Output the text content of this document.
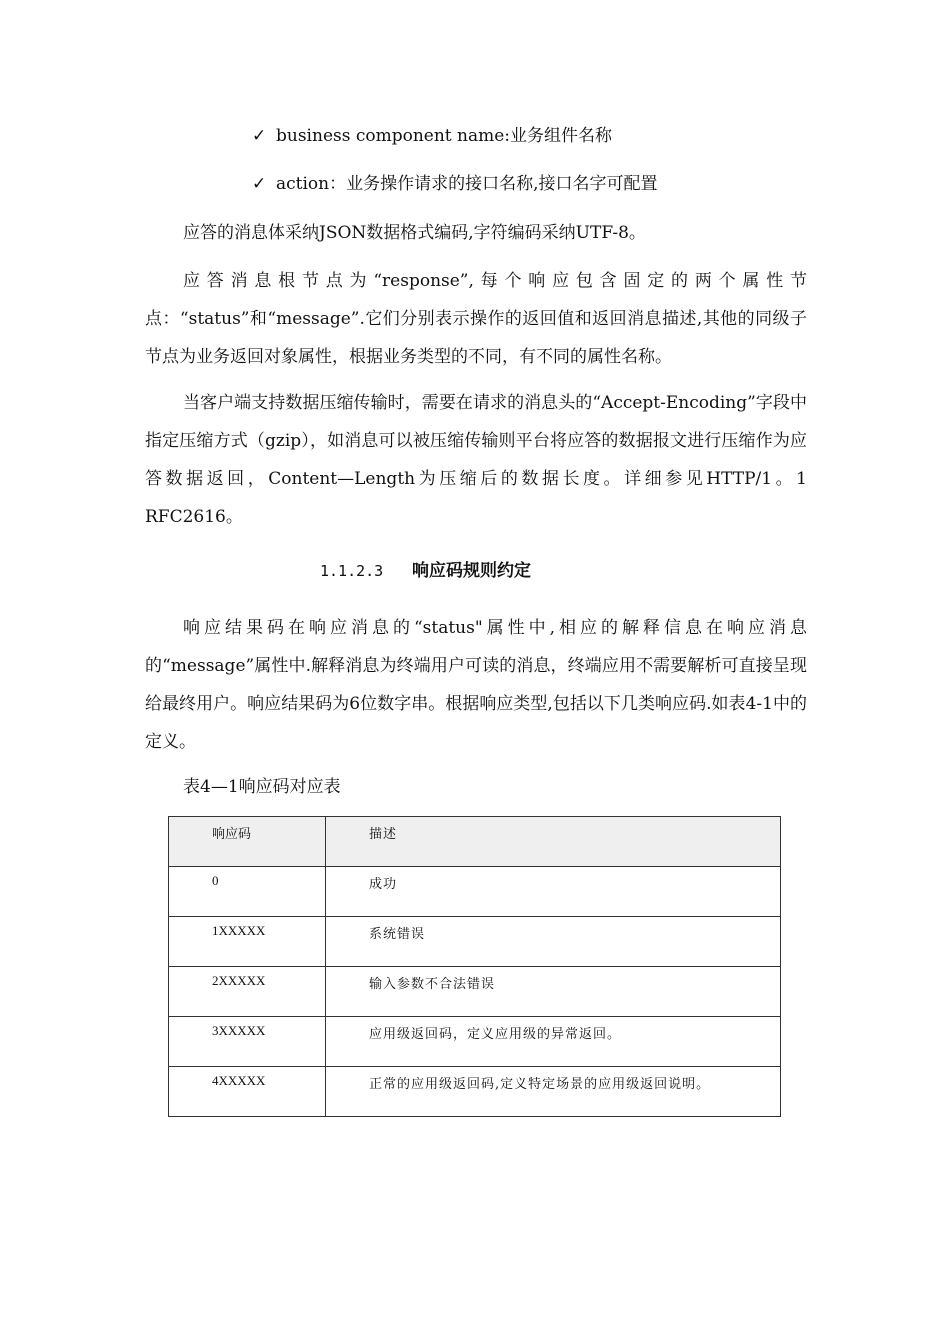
✓ business component name:业务组件名称
✓ action：业务操作请求的接口名称,接口名字可配置

应答的消息体采纳JSON数据格式编码,字符编码采纳UTF-8。

应答消息根节点为“response”,每个响应包含固定的两个属性节点：“status”和“message”.它们分别表示操作的返回值和返回消息描述,其他的同级子节点为业务返回对象属性，根据业务类型的不同，有不同的属性名称。

当客户端支持数据压缩传输时，需要在请求的消息头的“Accept-Encoding”字段中指定压缩方式（gzip），如消息可以被压缩传输则平台将应答的数据报文进行压缩作为应答数据返回，Content—Length为压缩后的数据长度。详细参见HTTP/1。1 RFC2616。

1.1.2.3 响应码规则约定

响应结果码在响应消息的“status"属性中,相应的解释信息在响应消息的“message”属性中.解释消息为终端用户可读的消息，终端应用不需要解析可直接呈现给最终用户。响应结果码为6位数字串。根据响应类型,包括以下几类响应码.如表4-1中的定义。

表4—1响应码对应表
响应码	描述
0	成功
1XXXXX	系统错误
2XXXXX	输入参数不合法错误
3XXXXX	应用级返回码，定义应用级的异常返回。
4XXXXX	正常的应用级返回码,定义特定场景的应用级返回说明。
